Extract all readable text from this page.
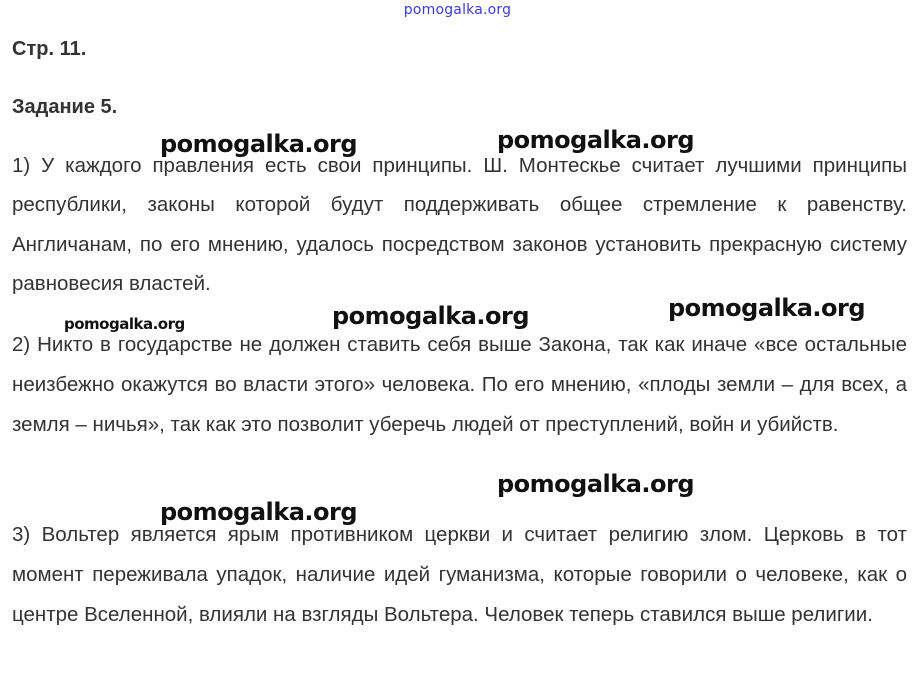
pomogalka.org
Стр. 11.
Задание 5.
1) У каждого правления есть свои принципы. Ш. Монтескье считает лучшими принципы республики, законы которой будут поддерживать общее стремление к равенству. Англичанам, по его мнению, удалось посредством законов установить прекрасную систему равновесия властей.
2) Никто в государстве не должен ставить себя выше Закона, так как иначе «все остальные неизбежно окажутся во власти этого» человека. По его мнению, «плоды земли – для всех, а земля – ничья», так как это позволит уберечь людей от преступлений, войн и убийств.
3) Вольтер является ярым противником церкви и считает религию злом. Церковь в тот момент переживала упадок, наличие идей гуманизма, которые говорили о человеке, как о центре Вселенной, влияли на взгляды Вольтера. Человек теперь ставился выше религии.
pomogalka.org	pomogalka.org
pomogalka.org
pomogalka.org	pomogalka.org
pomogalka.org
pomogalka.org
